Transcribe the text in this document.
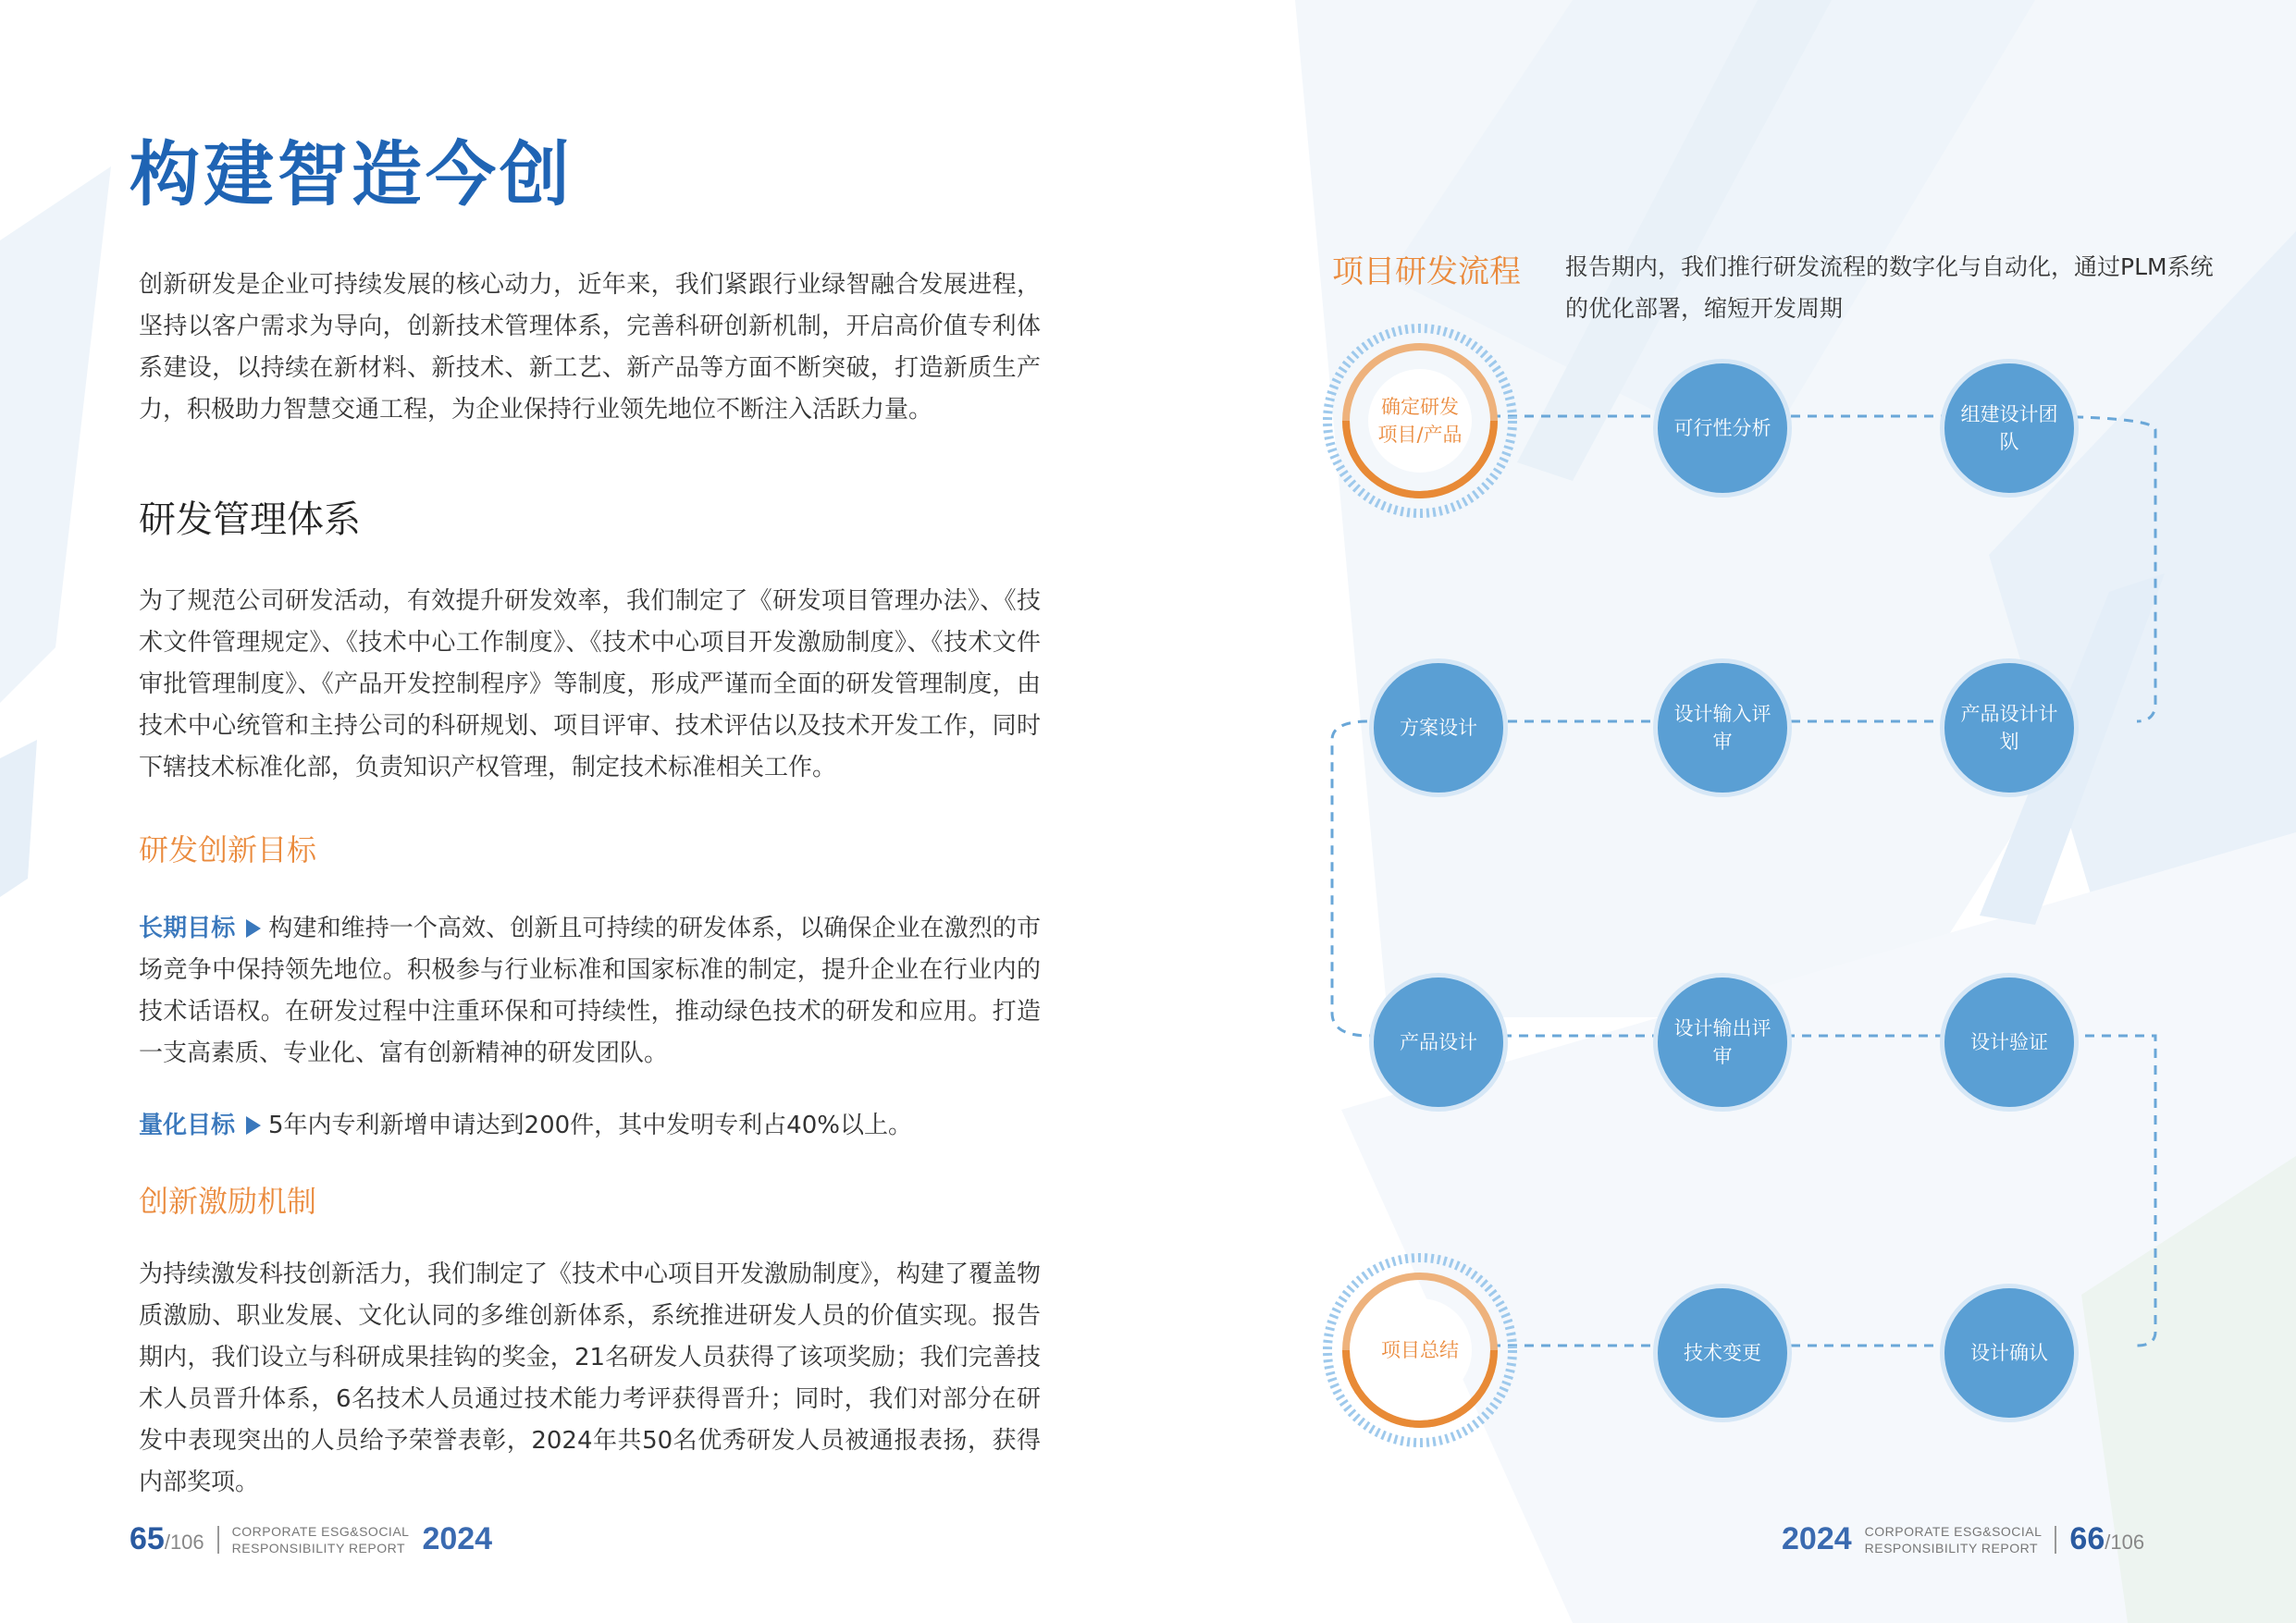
构建智造今创
创新研发是企业可持续发展的核心动力，近年来，我们紧跟行业绿智融合发展进程，坚持以客户需求为导向，创新技术管理体系，完善科研创新机制，开启高价值专利体系建设，以持续在新材料、新技术、新工艺、新产品等方面不断突破，打造新质生产力，积极助力智慧交通工程，为企业保持行业领先地位不断注入活跃力量。
研发管理体系
为了规范公司研发活动，有效提升研发效率，我们制定了《研发项目管理办法》、《技术文件管理规定》、《技术中心工作制度》、《技术中心项目开发激励制度》、《技术文件审批管理制度》、《产品开发控制程序》等制度，形成严谨而全面的研发管理制度，由技术中心统管和主持公司的科研规划、项目评审、技术评估以及技术开发工作，同时下辖技术标准化部，负责知识产权管理，制定技术标准相关工作。
研发创新目标
长期目标 构建和维持一个高效、创新且可持续的研发体系，以确保企业在激烈的市场竞争中保持领先地位。积极参与行业标准和国家标准的制定，提升企业在行业内的技术话语权。在研发过程中注重环保和可持续性，推动绿色技术的研发和应用。打造一支高素质、专业化、富有创新精神的研发团队。
量化目标 5年内专利新增申请达到200件，其中发明专利占40%以上。
创新激励机制
为持续激发科技创新活力，我们制定了《技术中心项目开发激励制度》，构建了覆盖物质激励、职业发展、文化认同的多维创新体系，系统推进研发人员的价值实现。报告期内，我们设立与科研成果挂钩的奖金，21名研发人员获得了该项奖励；我们完善技术人员晋升体系，6名技术人员通过技术能力考评获得晋升；同时，我们对部分在研发中表现突出的人员给予荣誉表彰，2024年共50名优秀研发人员被通报表扬，获得内部奖项。
项目研发流程 报告期内，我们推行研发流程的数字化与自动化，通过PLM系统的优化部署，缩短开发周期
确定研发项目/产品	可行性分析
组建设计团队
产品设计计划
设计输入评审
方案设计
产品设计
设计输出评审
设计验证
设计确认
技术变更
项目总结
65/106 CORPORATE ESG&SOCIAL
RESPONSIBILITY REPORT 2024	2024 CORPORATE ESG&SOCIAL
RESPONSIBILITY REPORT 66/106
